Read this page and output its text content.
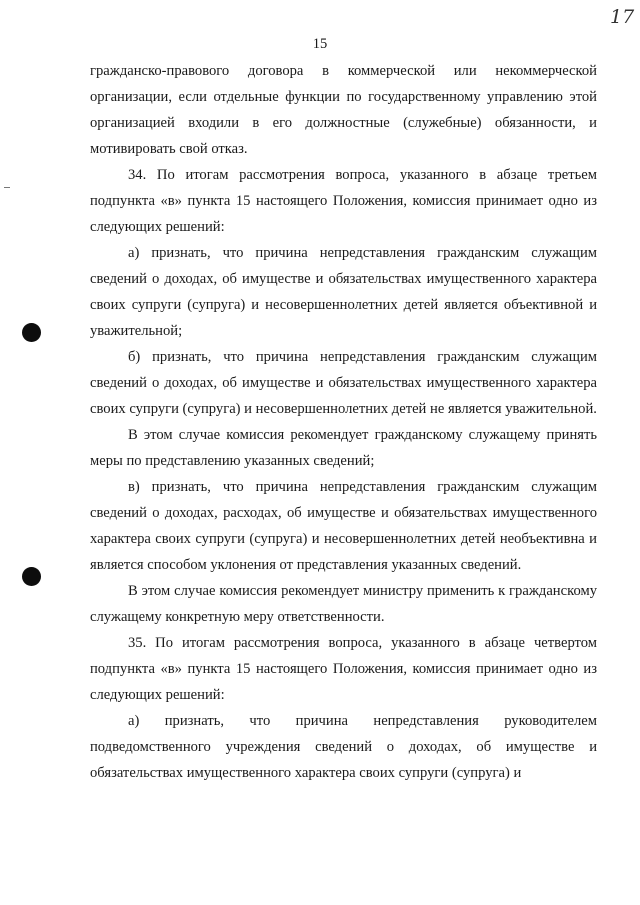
17
15

гражданско-правового договора в коммерческой или некоммерческой организации, если отдельные функции по государственному управлению этой организацией входили в его должностные (служебные) обязанности, и мотивировать свой отказ.

34. По итогам рассмотрения вопроса, указанного в абзаце третьем подпункта «в» пункта 15 настоящего Положения, комиссия принимает одно из следующих решений:

а) признать, что причина непредставления гражданским служащим сведений о доходах, об имуществе и обязательствах имущественного характера своих супруги (супруга) и несовершеннолетних детей является объективной и уважительной;

б) признать, что причина непредставления гражданским служащим сведений о доходах, об имуществе и обязательствах имущественного характера своих супруги (супруга) и несовершеннолетних детей не является уважительной.

В этом случае комиссия рекомендует гражданскому служащему принять меры по представлению указанных сведений;

в) признать, что причина непредставления гражданским служащим сведений о доходах, расходах, об имуществе и обязательствах имущественного характера своих супруги (супруга) и несовершеннолетних детей необъективна и является способом уклонения от представления указанных сведений.

В этом случае комиссия рекомендует министру применить к гражданскому служащему конкретную меру ответственности.

35. По итогам рассмотрения вопроса, указанного в абзаце четвертом подпункта «в» пункта 15 настоящего Положения, комиссия принимает одно из следующих решений:

а) признать, что причина непредставления руководителем подведомственного учреждения сведений о доходах, об имуществе и обязательствах имущественного характера своих супруги (супруга) и
